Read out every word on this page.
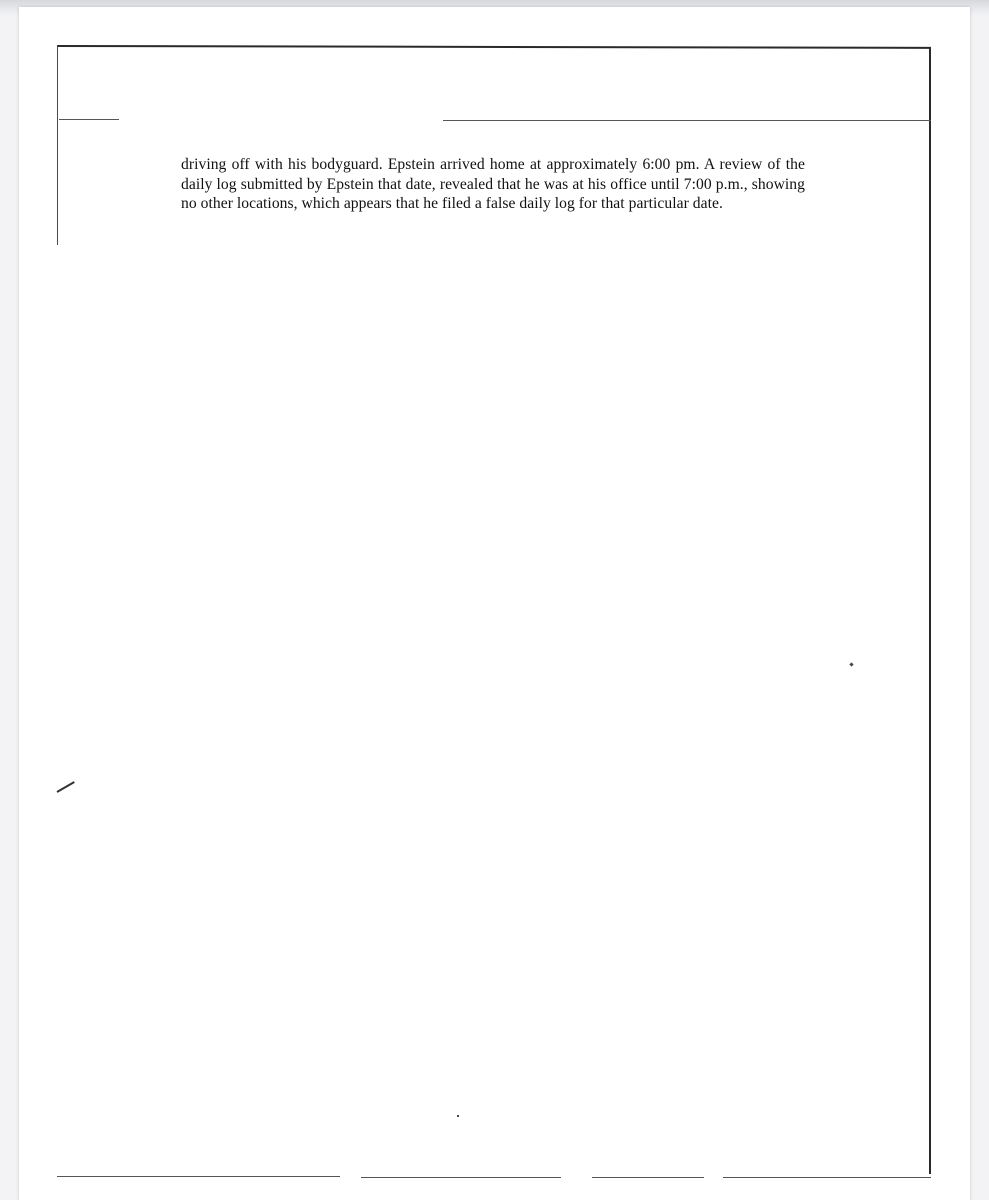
driving off with his bodyguard. Epstein arrived home at approximately 6:00 pm. A review of the daily log submitted by Epstein that date, revealed that he was at his office until 7:00 p.m., showing no other locations, which appears that he filed a false daily log for that particular date.
